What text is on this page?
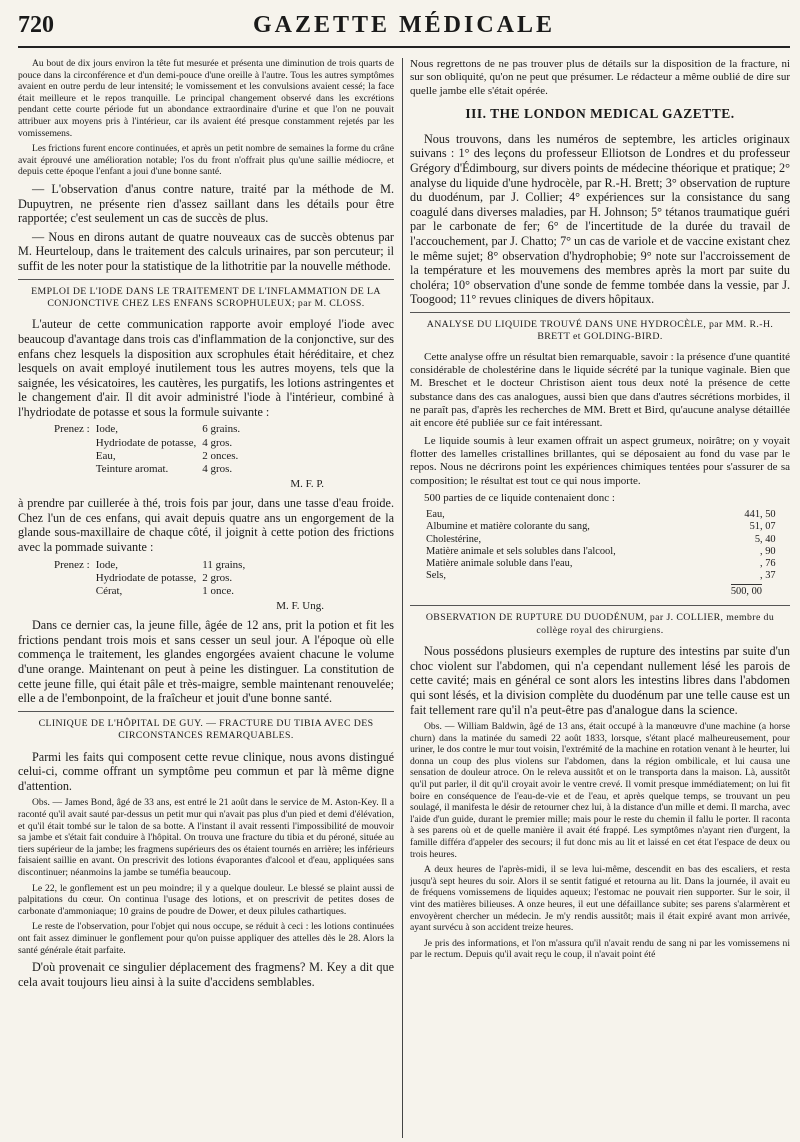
720	GAZETTE MÉDICALE

Au bout de dix jours environ la tête fut mesurée et présenta une diminution de trois quarts de pouce dans la circonférence et d'un demi-pouce d'une oreille à l'autre. Tous les autres symptômes avaient en outre perdu de leur intensité; le vomissement et les convulsions avaient cessé; la face était meilleure et le repos tranquille. Le principal changement observé dans les excrétions pendant cette courte période fut un abondance extraordinaire d'urine et que l'on ne pouvait attribuer aux moyens pris à l'intérieur, car ils avaient été presque constamment rejetés par les vomissemens.

Les frictions furent encore continuées, et après un petit nombre de semaines la forme du crâne avait éprouvé une amélioration notable; l'os du front n'offrait plus qu'une saillie médiocre, et depuis cette époque l'enfant a joui d'une bonne santé.

— L'observation d'anus contre nature, traité par la méthode de M. Dupuytren, ne présente rien d'assez saillant dans les détails pour être rapportée; c'est seulement un cas de succès de plus.

— Nous en dirons autant de quatre nouveaux cas de succès obtenus par M. Heurteloup, dans le traitement des calculs urinaires, par son percuteur; il suffit de les noter pour la statistique de la lithotritie par la nouvelle méthode.

EMPLOI DE L'IODE DANS LE TRAITEMENT DE L'INFLAMMATION DE LA CONJONCTIVE CHEZ LES ENFANS SCROPHULEUX; par M. CLOSS.

L'auteur de cette communication rapporte avoir employé l'iode avec beaucoup d'avantage dans trois cas d'inflammation de la conjonctive, sur des enfans chez lesquels la disposition aux scrophules était héréditaire, et chez lesquels on avait employé inutilement tous les autres moyens, tels que la saignée, les vésicatoires, les cautères, les purgatifs, les lotions astringentes et le changement d'air. Il dit avoir administré l'iode à l'intérieur, combiné à l'hydriodate de potasse et sous la formule suivante :

Prenez :	Iode,	6 grains.
	Hydriodate de potasse,	4 gros.
	Eau,	2 onces.
	Teinture aromat.	4 gros.
M. F. P.

à prendre par cuillerée à thé, trois fois par jour, dans une tasse d'eau froide. Chez l'un de ces enfans, qui avait depuis quatre ans un engorgement de la glande sous-maxillaire de chaque côté, il joignit à cette potion des frictions avec la pommade suivante :

Prenez :	Iode,	11 grains,
	Hydriodate de potasse,	2 gros.
	Cérat,	1 once.
M. F. Ung.

Dans ce dernier cas, la jeune fille, âgée de 12 ans, prit la potion et fit les frictions pendant trois mois et sans cesser un seul jour. A l'époque où elle commença le traitement, les glandes engorgées avaient chacune le volume d'une orange. Maintenant on peut à peine les distinguer. La constitution de cette jeune fille, qui était pâle et très-maigre, semble maintenant renouvelée; elle a de l'embonpoint, de la fraîcheur et jouit d'une bonne santé.

CLINIQUE DE L'HÔPITAL DE GUY. — FRACTURE DU TIBIA AVEC DES CIRCONSTANCES REMARQUABLES.

Parmi les faits qui composent cette revue clinique, nous avons distingué celui-ci, comme offrant un symptôme peu commun et par là même digne d'attention.

Obs. — James Bond, âgé de 33 ans, est entré le 21 août dans le service de M. Aston-Key. Il a raconté qu'il avait sauté par-dessus un petit mur qui n'avait pas plus d'un pied et demi d'élévation, et qu'il était tombé sur le talon de sa botte. A l'instant il avait ressenti l'impossibilité de mouvoir sa jambe et s'était fait conduire à l'hôpital. On trouva une fracture du tibia et du péroné, située au tiers supérieur de la jambe; les fragmens supérieurs des os étaient tournés en arrière; les inférieurs faisaient saillie en avant. On prescrivit des lotions évaporantes d'alcool et d'eau, appliquées sans discontinuer; néanmoins la jambe se tuméfia beaucoup.

Le 22, le gonflement est un peu moindre; il y a quelque douleur. Le blessé se plaint aussi de palpitations du cœur. On continua l'usage des lotions, et on prescrivit de petites doses de carbonate d'ammoniaque; 10 grains de poudre de Dower, et deux pilules cathartiques.

Le reste de l'observation, pour l'objet qui nous occupe, se réduit à ceci : les lotions continuées ont fait assez diminuer le gonflement pour qu'on puisse appliquer des attelles dès le 28. Alors la santé générale était parfaite.

D'où provenait ce singulier déplacement des fragmens? M. Key a dit que cela avait toujours lieu ainsi à la suite d'accidens semblables.

Nous regrettons de ne pas trouver plus de détails sur la disposition de la fracture, ni sur son obliquité, qu'on ne peut que présumer. Le rédacteur a même oublié de dire sur quelle jambe elle s'était opérée.

III. THE LONDON MEDICAL GAZETTE.

Nous trouvons, dans les numéros de septembre, les articles originaux suivans : 1° des leçons du professeur Elliotson de Londres et du professeur Grégory d'Édimbourg, sur divers points de médecine théorique et pratique; 2° analyse du liquide d'une hydrocèle, par R.-H. Brett; 3° observation de rupture du duodénum, par J. Collier; 4° expériences sur la consistance du sang coagulé dans diverses maladies, par H. Johnson; 5° tétanos traumatique guéri par le carbonate de fer; 6° de l'incertitude de la durée du travail de l'accouchement, par J. Chatto; 7° un cas de variole et de vaccine existant chez le même sujet; 8° observation d'hydrophobie; 9° note sur l'accroissement de la température et les mouvemens des membres après la mort par suite du choléra; 10° observation d'une sonde de femme tombée dans la vessie, par J. Toogood; 11° revues cliniques de divers hôpitaux.

ANALYSE DU LIQUIDE TROUVÉ DANS UNE HYDROCÈLE, par MM. R.-H. BRETT et GOLDING-BIRD.

Cette analyse offre un résultat bien remarquable, savoir : la présence d'une quantité considérable de cholestérine dans le liquide sécrété par la tunique vaginale. Bien que M. Breschet et le docteur Christison aient tous deux noté la présence de cette substance dans des cas analogues, aussi bien que dans d'autres sécrétions morbides, il ne paraît pas, d'après les recherches de MM. Brett et Bird, qu'aucune analyse détaillée ait encore été publiée sur ce fait intéressant.

Le liquide soumis à leur examen offrait un aspect grumeux, noirâtre; on y voyait flotter des lamelles cristallines brillantes, qui se déposaient au fond du vase par le repos. Nous ne décrirons point les expériences chimiques tentées pour s'assurer de sa composition; le résultat est tout ce qui nous importe.

500 parties de ce liquide contenaient donc :

Eau,	441, 50
Albumine et matière colorante du sang,	51, 07
Cholestérine,	5, 40
Matière animale et sels solubles dans l'alcool,	, 90
Matière animale soluble dans l'eau,	, 76
Sels,	, 37
500, 00
OBSERVATION DE RUPTURE DU DUODÉNUM, par J. COLLIER, membre du collège royal des chirurgiens.

Nous possédons plusieurs exemples de rupture des intestins par suite d'un choc violent sur l'abdomen, qui n'a cependant nullement lésé les parois de cette cavité; mais en général ce sont alors les intestins libres dans l'abdomen qui sont lésés, et la division complète du duodénum par une telle cause est un fait tellement rare qu'il n'a peut-être pas d'analogue dans la science.

Obs. — William Baldwin, âgé de 13 ans, était occupé à la manœuvre d'une machine (a horse churn) dans la matinée du samedi 22 août 1833, lorsque, s'étant placé malheureusement, pour uriner, le dos contre le mur tout voisin, l'extrémité de la machine en rotation venant à le heurter, lui donna un coup des plus violens sur l'abdomen, dans la région ombilicale, et lui causa une sensation de douleur atroce. On le releva aussitôt et on le transporta dans la maison. Là, aussitôt qu'il put parler, il dit qu'il croyait avoir le ventre crevé. Il vomit presque immédiatement; on lui fit boire en conséquence de l'eau-de-vie et de l'eau, et après quelque temps, se trouvant un peu soulagé, il manifesta le désir de retourner chez lui, à la distance d'un mille et demi. Il marcha, avec l'aide d'un guide, durant le premier mille; mais pour le reste du chemin il fallu le porter. Il raconta à ses parens où et de quelle manière il avait été frappé. Les symptômes n'ayant rien d'urgent, la famille différa d'appeler des secours; il fut donc mis au lit et laissé en cet état l'espace de deux ou trois heures.

A deux heures de l'après-midi, il se leva lui-même, descendit en bas des escaliers, et resta jusqu'à sept heures du soir. Alors il se sentit fatigué et retourna au lit. Dans la journée, il avait eu de fréquens vomissemens de liquides aqueux; l'estomac ne pouvait rien supporter. Sur le soir, il vint des matières bilieuses. A onze heures, il eut une défaillance subite; ses parens s'alarmèrent et envoyèrent chercher un médecin. Je m'y rendis aussitôt; mais il était expiré avant mon arrivée, ayant survécu à son accident treize heures.

Je pris des informations, et l'on m'assura qu'il n'avait rendu de sang ni par les vomissemens ni par le rectum. Depuis qu'il avait reçu le coup, il n'avait point été
